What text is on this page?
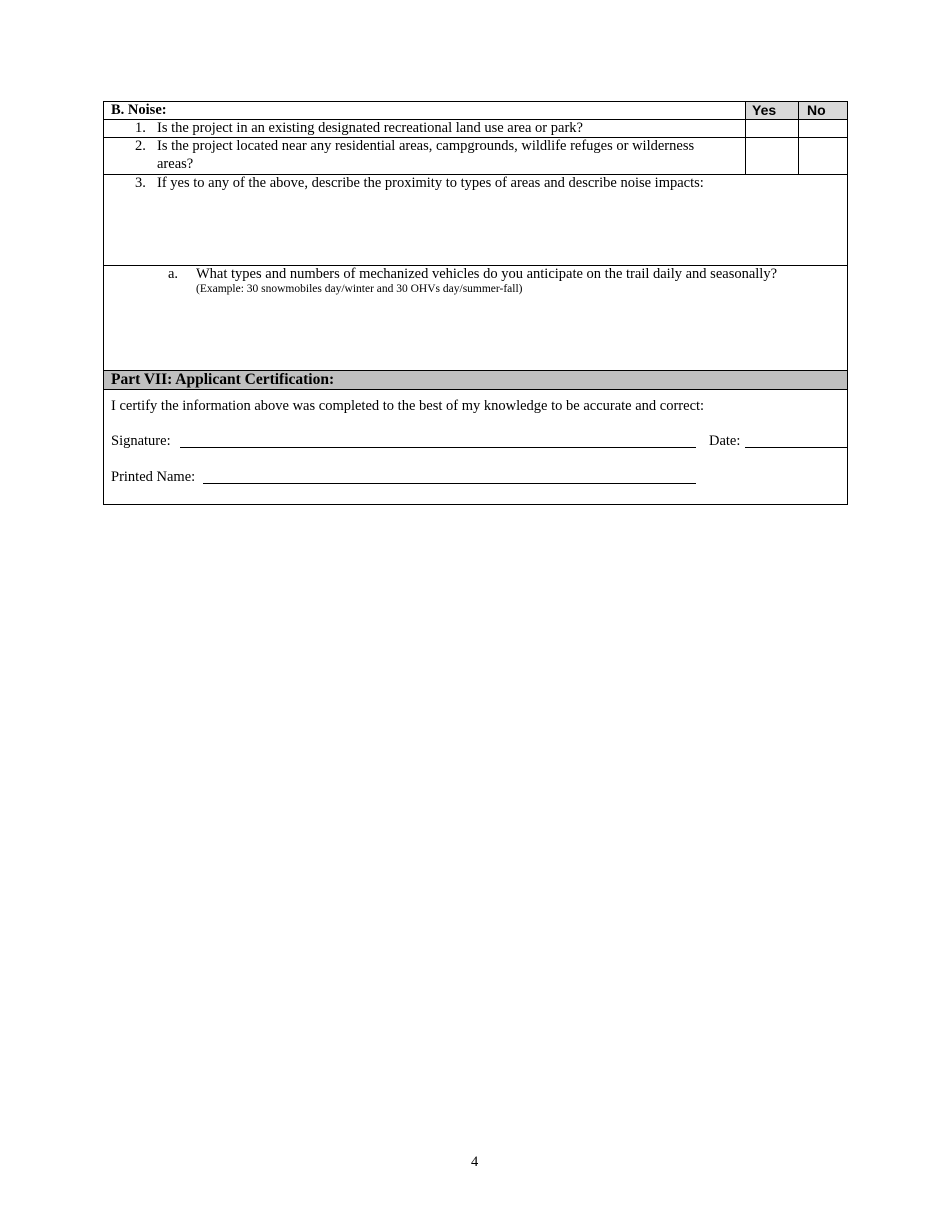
B. Noise:	Yes No
1. Is the project in an existing designated recreational land use area or park?
2. Is the project located near any residential areas, campgrounds, wildlife refuges or wilderness
areas?
3. If yes to any of the above, describe the proximity to types of areas and describe noise impacts:
a. What types and numbers of mechanized vehicles do you anticipate on the trail daily and seasonally?
(Example: 30 snowmobiles day/winter and 30 OHVs day/summer-fall)
Part VII: Applicant Certification:
I certify the information above was completed to the best of my knowledge to be accurate and correct:
Signature:	Date:
Printed Name:
4
